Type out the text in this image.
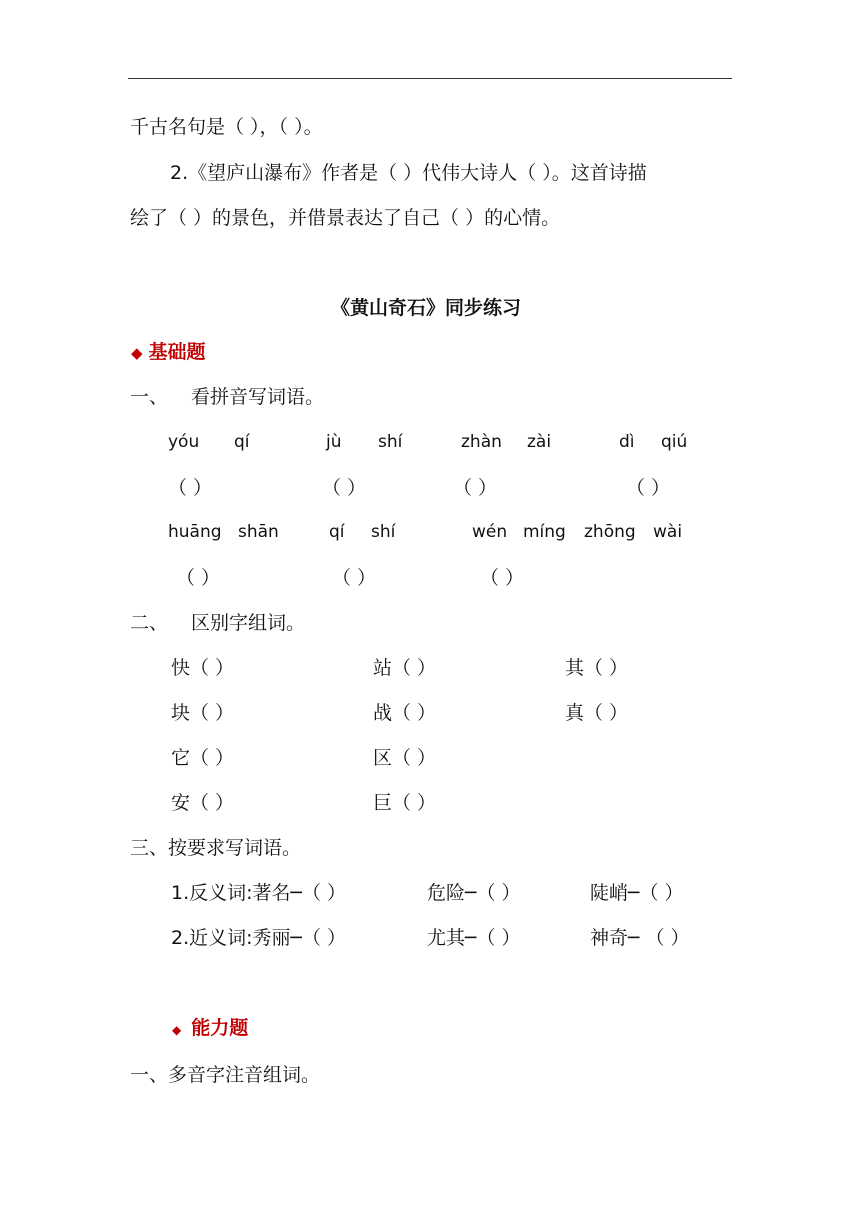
千古名句是（ ），（ ）。
2.《望庐山瀑布》作者是（ ）代伟大诗人（ ）。这首诗描
绘了（ ）的景色，并借景表达了自己（ ）的心情。
《黄山奇石》同步练习
◆ 基础题
一、 看拼音写词语。
yóu qí	jù shí	zhàn zài	dì qiú
（ ）	（ ）	（ ）	（ ）
huāng shān	qí shí	wén míng zhōng wài
（ ）	（ ）	（ ）
二、 区别字组词。
快（ ）	站（ ）	其（ ）
块（ ）	战（ ）	真（ ）
它（ ）	区（ ）
安（ ）	巨（ ）
三、按要求写词语。
1.反义词:著名─（ ）	危险─（ ）	陡峭─（ ）
2.近义词:秀丽─（ ）	尤其─（ ）	神奇─ （ ）
◆ 能力题
一、多音字注音组词。
